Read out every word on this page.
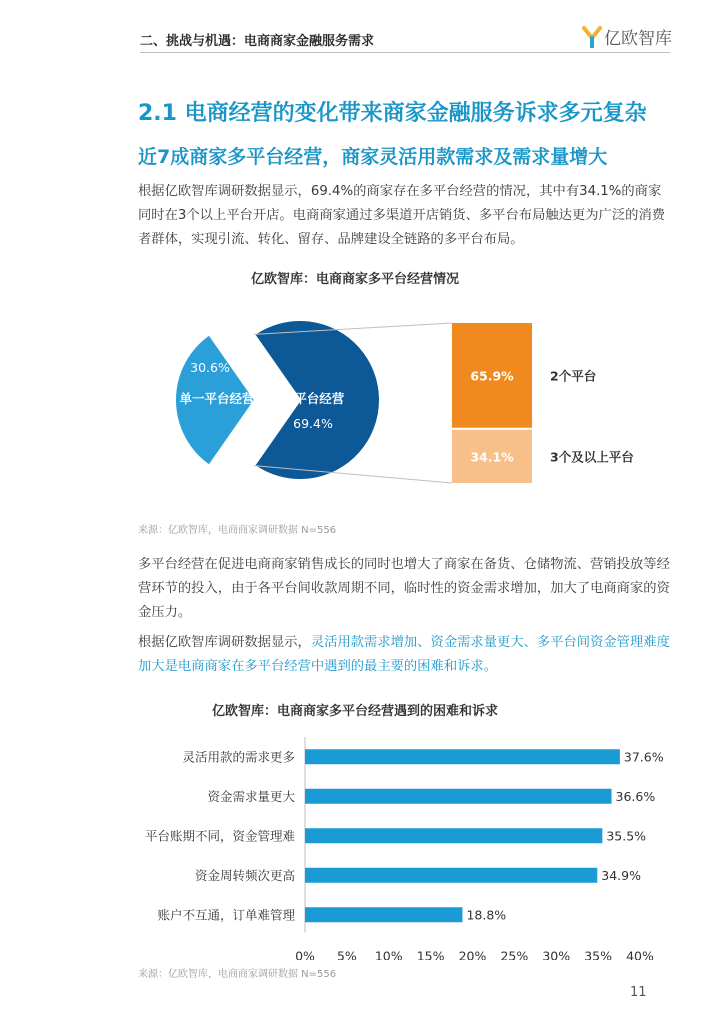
二、挑战与机遇：电商商家金融服务需求	亿欧智库
2.1 电商经营的变化带来商家金融服务诉求多元复杂
近7成商家多平台经营，商家灵活用款需求及需求量增大
根据亿欧智库调研数据显示，69.4%的商家存在多平台经营的情况，其中有34.1%的商家同时在3个以上平台开店。电商商家通过多渠道开店销货、多平台布局触达更为广泛的消费者群体，实现引流、转化、留存、品牌建设全链路的多平台布局。
亿欧智库：电商商家多平台经营情况
30.6%
单一平台经营 多平台经营
69.4%
65.9%	2个平台
34.1%	3个及以上平台
来源：亿欧智库，电商商家调研数据 N=556
多平台经营在促进电商商家销售成长的同时也增大了商家在备货、仓储物流、营销投放等经营环节的投入，由于各平台间收款周期不同，临时性的资金需求增加，加大了电商商家的资金压力。
根据亿欧智库调研数据显示，灵活用款需求增加、资金需求量更大、多平台间资金管理难度加大是电商商家在多平台经营中遇到的最主要的困难和诉求。
亿欧智库：电商商家多平台经营遇到的困难和诉求
灵活用款的需求更多	37.6%
资金需求量更大	36.6%
平台账期不同，资金管理难	35.5%
资金周转频次更高	34.9%
账户不互通，订单难管理	18.8%
0% 5% 10% 15% 20% 25% 30% 35% 40%
来源：亿欧智库，电商商家调研数据 N=556
11
